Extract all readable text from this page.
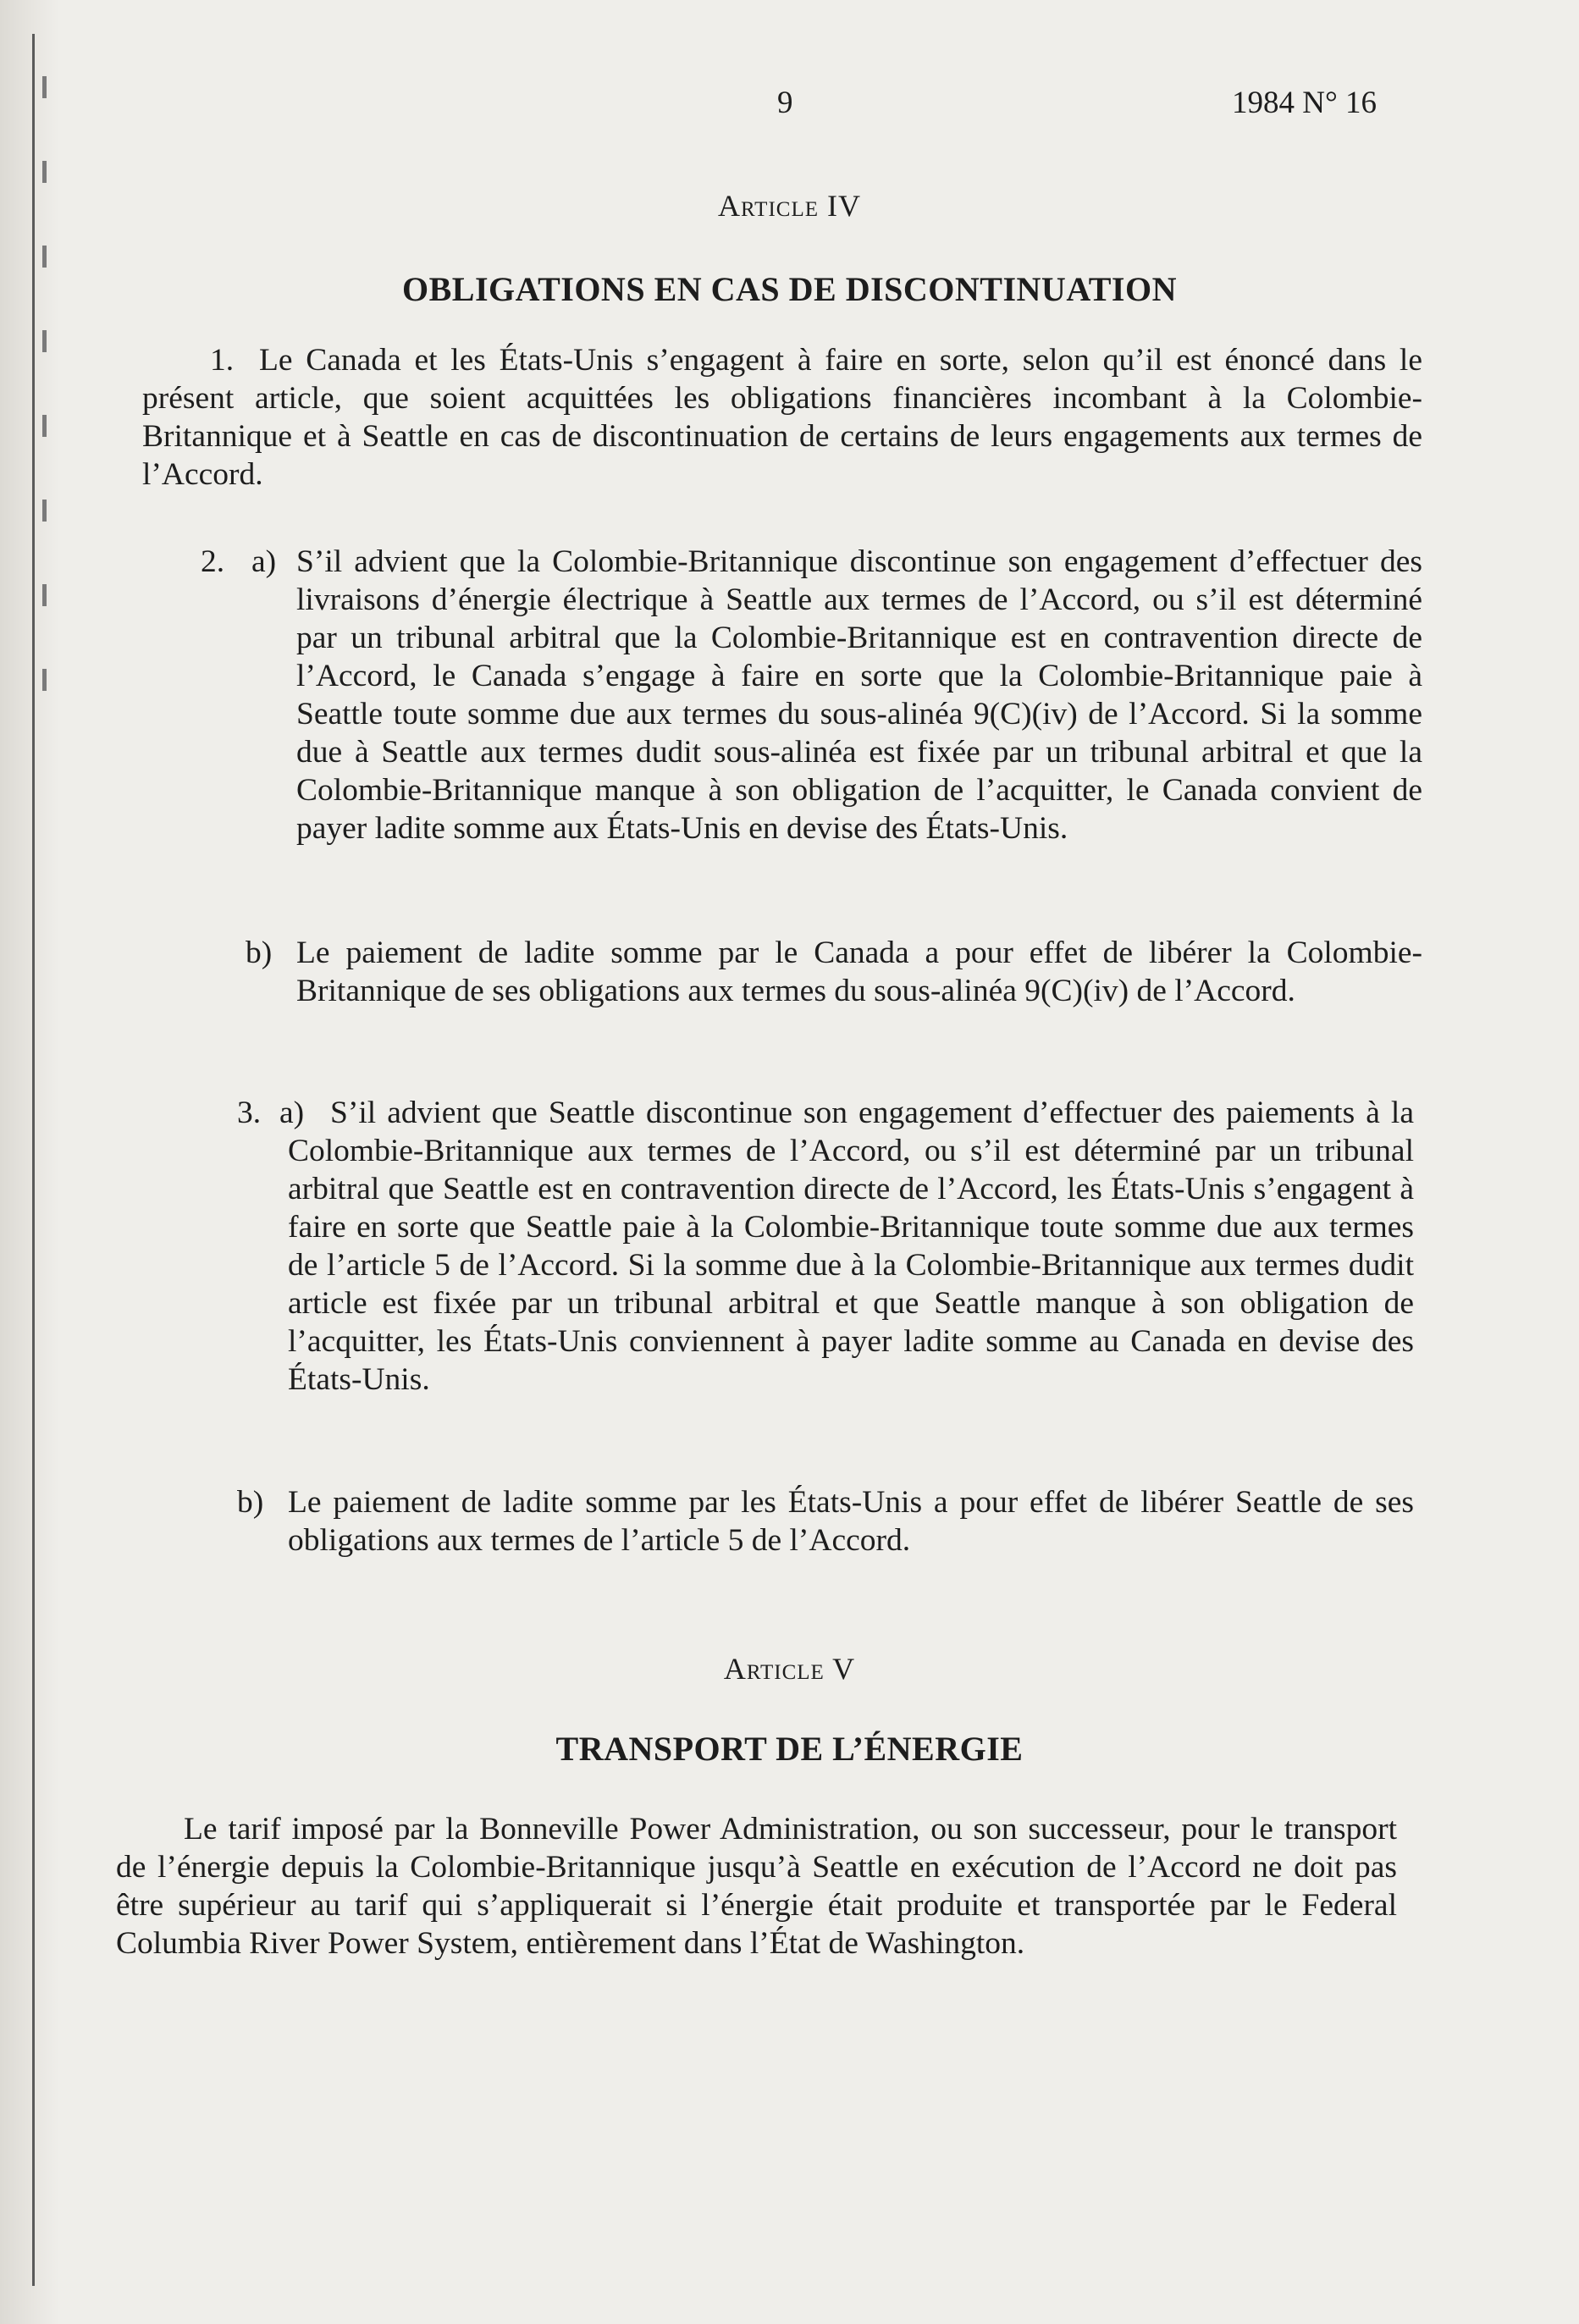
9	1984 N° 16
Article IV
OBLIGATIONS EN CAS DE DISCONTINUATION
1. Le Canada et les États-Unis s’engagent à faire en sorte, selon qu’il est énoncé dans le présent article, que soient acquittées les obligations financières incombant à la Colombie-Britannique et à Seattle en cas de discontinuation de certains de leurs engagements aux termes de l’Accord.

2. a) S’il advient que la Colombie-Britannique discontinue son engagement d’effectuer des livraisons d’énergie électrique à Seattle aux termes de l’Accord, ou s’il est déterminé par un tribunal arbitral que la Colombie-Britannique est en contravention directe de l’Accord, le Canada s’engage à faire en sorte que la Colombie-Britannique paie à Seattle toute somme due aux termes du sous-alinéa 9(C)(iv) de l’Accord. Si la somme due à Seattle aux termes dudit sous-alinéa est fixée par un tribunal arbitral et que la Colombie-Britannique manque à son obligation de l’acquitter, le Canada convient de payer ladite somme aux États-Unis en devise des États-Unis.

b) Le paiement de ladite somme par le Canada a pour effet de libérer la Colombie-Britannique de ses obligations aux termes du sous-alinéa 9(C)(iv) de l’Accord.

3. a) S’il advient que Seattle discontinue son engagement d’effectuer des paiements à la Colombie-Britannique aux termes de l’Accord, ou s’il est déterminé par un tribunal arbitral que Seattle est en contravention directe de l’Accord, les États-Unis s’engagent à faire en sorte que Seattle paie à la Colombie-Britannique toute somme due aux termes de l’article 5 de l’Accord. Si la somme due à la Colombie-Britannique aux termes dudit article est fixée par un tribunal arbitral et que Seattle manque à son obligation de l’acquitter, les États-Unis conviennent à payer ladite somme au Canada en devise des États-Unis.

b) Le paiement de ladite somme par les États-Unis a pour effet de libérer Seattle de ses obligations aux termes de l’article 5 de l’Accord.

Article V
TRANSPORT DE L’ÉNERGIE

Le tarif imposé par la Bonneville Power Administration, ou son successeur, pour le transport de l’énergie depuis la Colombie-Britannique jusqu’à Seattle en exécution de l’Accord ne doit pas être supérieur au tarif qui s’appliquerait si l’énergie était produite et transportée par le Federal Columbia River Power System, entièrement dans l’État de Washington.
